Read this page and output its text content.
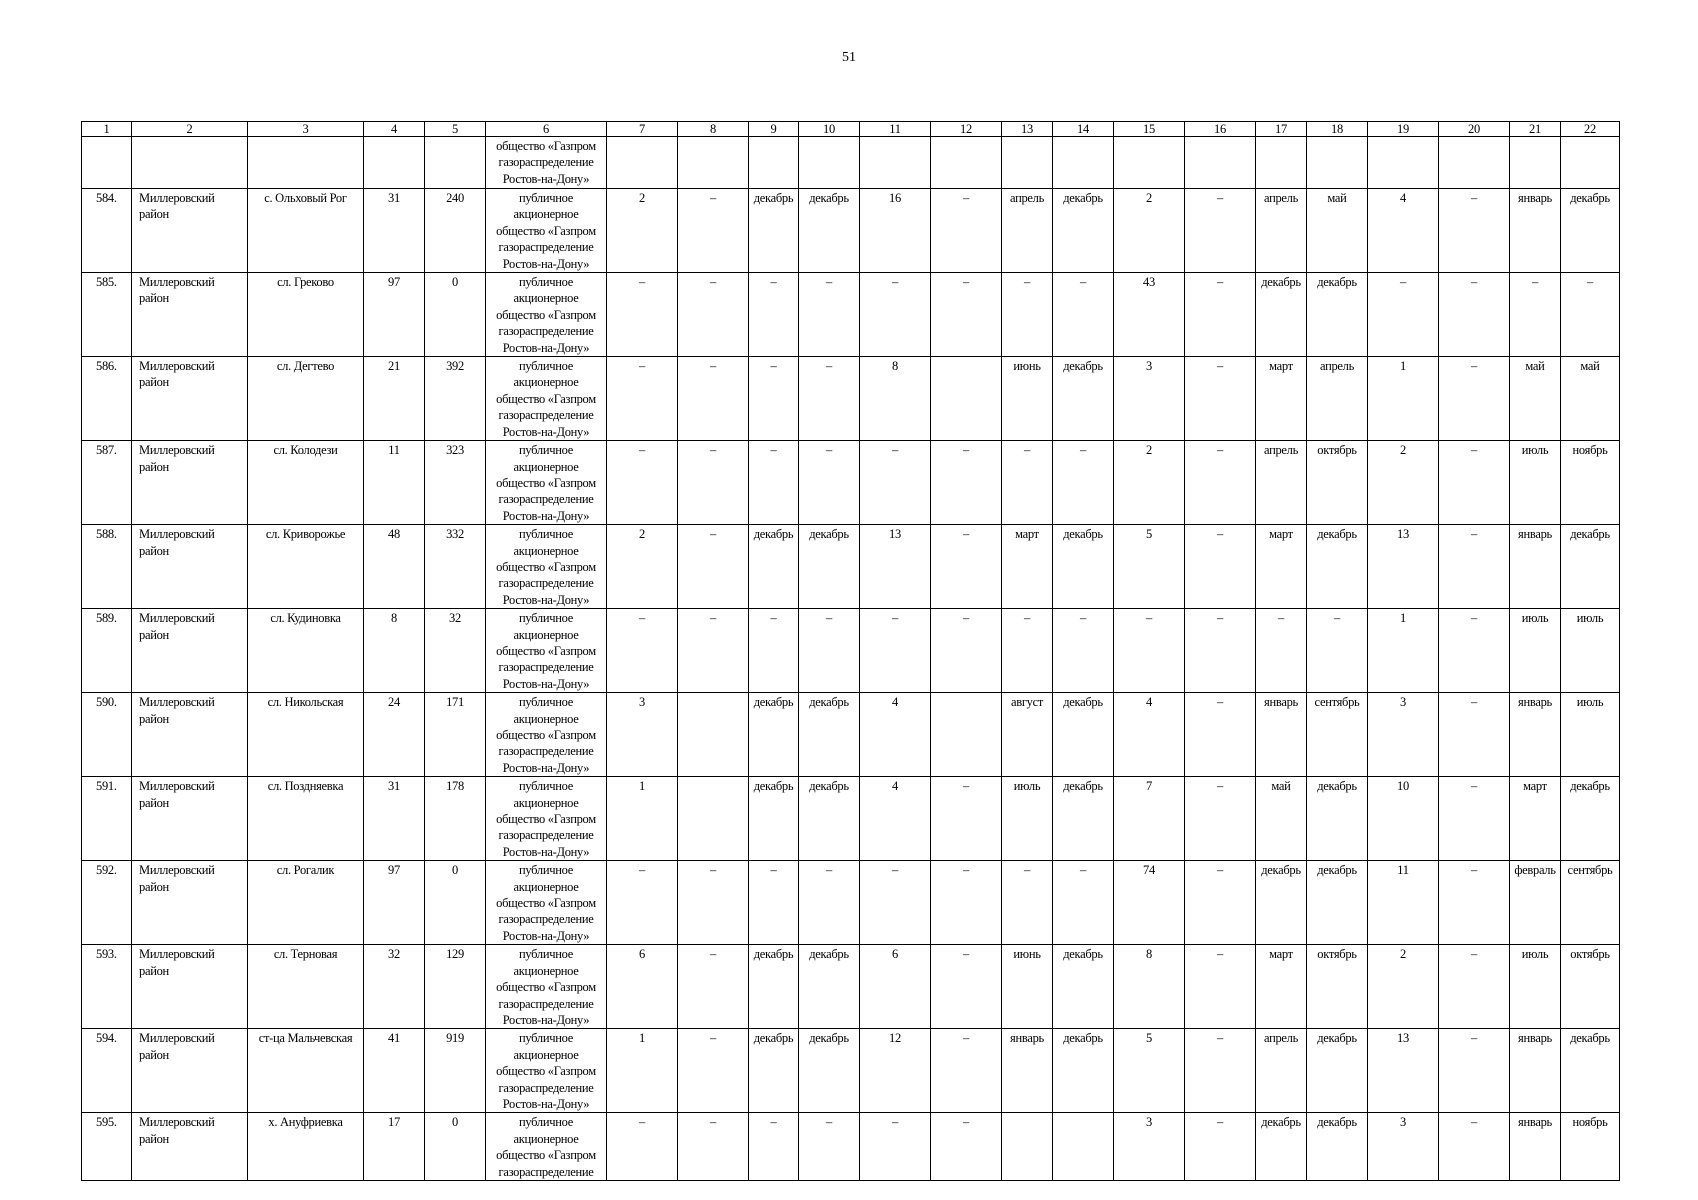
51
1	2	3	4	5	6	7	8	9	10	11	12	13	14	15	16	17	18	19	20	21	22

					общество «Газпром
газораспределение
Ростов-на-Дону»																

584.	Миллеровский район	с. Ольховый Рог	31	240	публичное
акционерное
общество «Газпром
газораспределение
Ростов-на-Дону»	2	–	декабрь	декабрь	16	–	апрель	декабрь	2	–	апрель	май	4	–	январь	декабрь
585.	Миллеровский район	сл. Греково	97	0	публичное
акционерное
общество «Газпром
газораспределение
Ростов-на-Дону»	–	–	–	–	–	–	–	–	43	–	декабрь	декабрь	–	–	–	–
586.	Миллеровский район	сл. Дегтево	21	392	публичное
акционерное
общество «Газпром
газораспределение
Ростов-на-Дону»	–	–	–	–	8		июнь	декабрь	3	–	март	апрель	1	–	май	май
587.	Миллеровский район	сл. Колодези	11	323	публичное
акционерное
общество «Газпром
газораспределение
Ростов-на-Дону»	–	–	–	–	–	–	–	–	2	–	апрель	октябрь	2	–	июль	ноябрь
588.	Миллеровский район	сл. Криворожье	48	332	публичное
акционерное
общество «Газпром
газораспределение
Ростов-на-Дону»	2	–	декабрь	декабрь	13	–	март	декабрь	5	–	март	декабрь	13	–	январь	декабрь
589.	Миллеровский район	сл. Кудиновка	8	32	публичное
акционерное
общество «Газпром
газораспределение
Ростов-на-Дону»	–	–	–	–	–	–	–	–	–	–	–	–	1	–	июль	июль
590.	Миллеровский район	сл. Никольская	24	171	публичное
акционерное
общество «Газпром
газораспределение
Ростов-на-Дону»	3		декабрь	декабрь	4		август	декабрь	4	–	январь	сентябрь	3	–	январь	июль
591.	Миллеровский район	сл. Поздняевка	31	178	публичное
акционерное
общество «Газпром
газораспределение
Ростов-на-Дону»	1		декабрь	декабрь	4	–	июль	декабрь	7	–	май	декабрь	10	–	март	декабрь
592.	Миллеровский район	сл. Рогалик	97	0	публичное
акционерное
общество «Газпром
газораспределение
Ростов-на-Дону»	–	–	–	–	–	–	–	–	74	–	декабрь	декабрь	11	–	февраль	сентябрь
593.	Миллеровский район	сл. Терновая	32	129	публичное
акционерное
общество «Газпром
газораспределение
Ростов-на-Дону»	6	–	декабрь	декабрь	6	–	июнь	декабрь	8	–	март	октябрь	2	–	июль	октябрь
594.	Миллеровский район	ст-ца Мальчевская	41	919	публичное
акционерное
общество «Газпром
газораспределение
Ростов-на-Дону»	1	–	декабрь	декабрь	12	–	январь	декабрь	5	–	апрель	декабрь	13	–	январь	декабрь
595.	Миллеровский район	х. Ануфриевка	17	0	публичное
акционерное
общество «Газпром
газораспределение	–	–	–	–	–	–			3	–	декабрь	декабрь	3	–	январь	ноябрь
